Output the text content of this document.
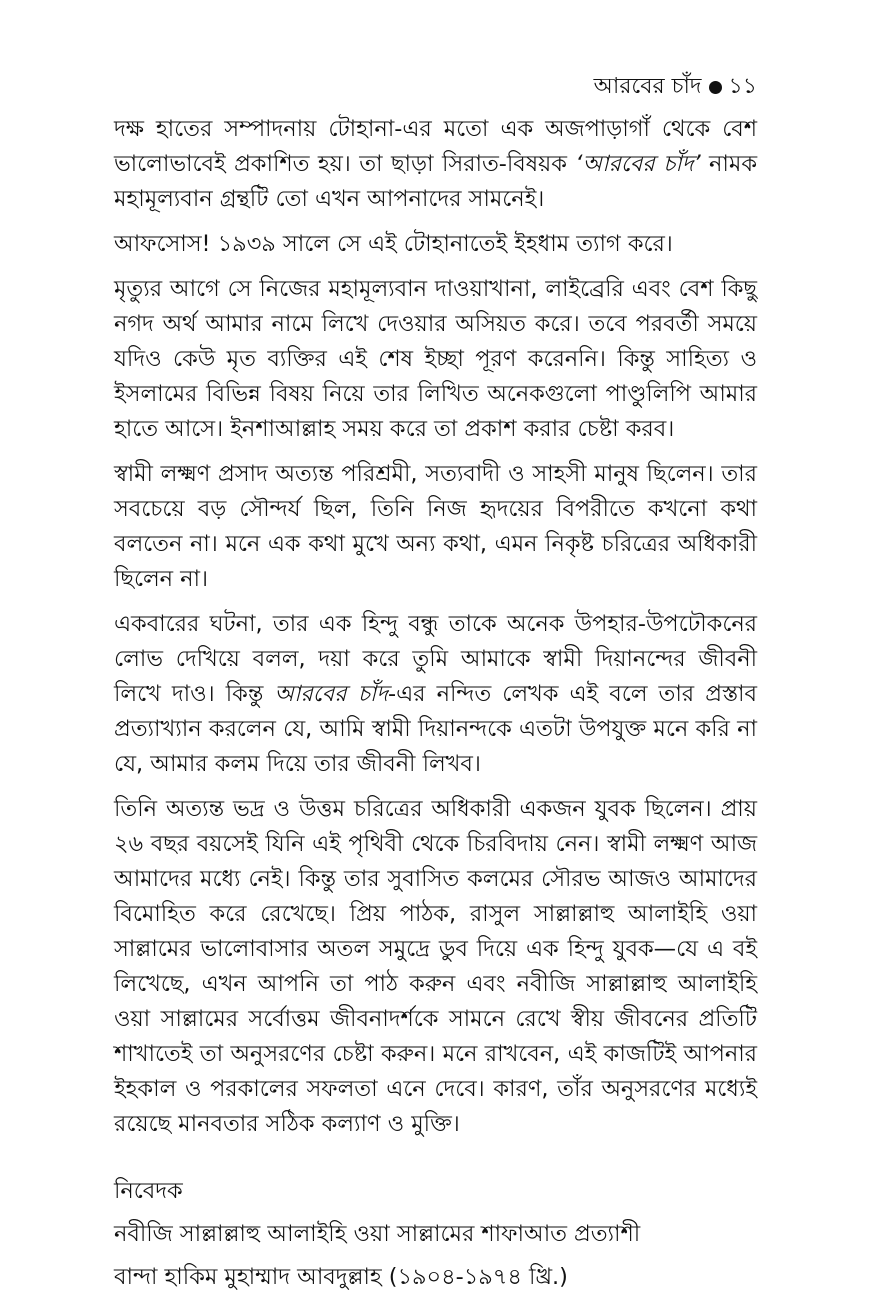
আরবের চাঁদ ১১

দক্ষ হাতের সম্পাদনায় টোহানা-এর মতো এক অজপাড়াগাঁ থেকে বেশ ভালোভাবেই প্রকাশিত হয়। তা ছাড়া সিরাত-বিষয়ক ‘আরবের চাঁদ’ নামক মহামূল্যবান গ্রন্থটি তো এখন আপনাদের সামনেই।

আফসোস! ১৯৩৯ সালে সে এই টোহানাতেই ইহধাম ত্যাগ করে।

মৃত্যুর আগে সে নিজের মহামূল্যবান দাওয়াখানা, লাইব্রেরি এবং বেশ কিছু নগদ অর্থ আমার নামে লিখে দেওয়ার অসিয়ত করে। তবে পরবর্তী সময়ে যদিও কেউ মৃত ব্যক্তির এই শেষ ইচ্ছা পূরণ করেননি। কিন্তু সাহিত্য ও ইসলামের বিভিন্ন বিষয় নিয়ে তার লিখিত অনেকগুলো পাণ্ডুলিপি আমার হাতে আসে। ইনশাআল্লাহ সময় করে তা প্রকাশ করার চেষ্টা করব।

স্বামী লক্ষ্মণ প্রসাদ অত্যন্ত পরিশ্রমী, সত্যবাদী ও সাহসী মানুষ ছিলেন। তার সবচেয়ে বড় সৌন্দর্য ছিল, তিনি নিজ হৃদয়ের বিপরীতে কখনো কথা বলতেন না। মনে এক কথা মুখে অন্য কথা, এমন নিকৃষ্ট চরিত্রের অধিকারী ছিলেন না।

একবারের ঘটনা, তার এক হিন্দু বন্ধু তাকে অনেক উপহার-উপঢৌকনের লোভ দেখিয়ে বলল, দয়া করে তুমি আমাকে স্বামী দিয়ানন্দের জীবনী লিখে দাও। কিন্তু আরবের চাঁদ-এর নন্দিত লেখক এই বলে তার প্রস্তাব প্রত্যাখ্যান করলেন যে, আমি স্বামী দিয়ানন্দকে এতটা উপযুক্ত মনে করি না যে, আমার কলম দিয়ে তার জীবনী লিখব।

তিনি অত্যন্ত ভদ্র ও উত্তম চরিত্রের অধিকারী একজন যুবক ছিলেন। প্রায় ২৬ বছর বয়সেই যিনি এই পৃথিবী থেকে চিরবিদায় নেন। স্বামী লক্ষ্মণ আজ আমাদের মধ্যে নেই। কিন্তু তার সুবাসিত কলমের সৌরভ আজও আমাদের বিমোহিত করে রেখেছে। প্রিয় পাঠক, রাসুল সাল্লাল্লাহু আলাইহি ওয়া সাল্লামের ভালোবাসার অতল সমুদ্রে ডুব দিয়ে এক হিন্দু যুবক—যে এ বই লিখেছে, এখন আপনি তা পাঠ করুন এবং নবীজি সাল্লাল্লাহু আলাইহি ওয়া সাল্লামের সর্বোত্তম জীবনাদর্শকে সামনে রেখে স্বীয় জীবনের প্রতিটি শাখাতেই তা অনুসরণের চেষ্টা করুন। মনে রাখবেন, এই কাজটিই আপনার ইহকাল ও পরকালের সফলতা এনে দেবে। কারণ, তাঁর অনুসরণের মধ্যেই রয়েছে মানবতার সঠিক কল্যাণ ও মুক্তি।

নিবেদক

নবীজি সাল্লাল্লাহু আলাইহি ওয়া সাল্লামের শাফাআত প্রত্যাশী

বান্দা হাকিম মুহাম্মাদ আবদুল্লাহ (১৯০৪-১৯৭৪ খ্রি.)
